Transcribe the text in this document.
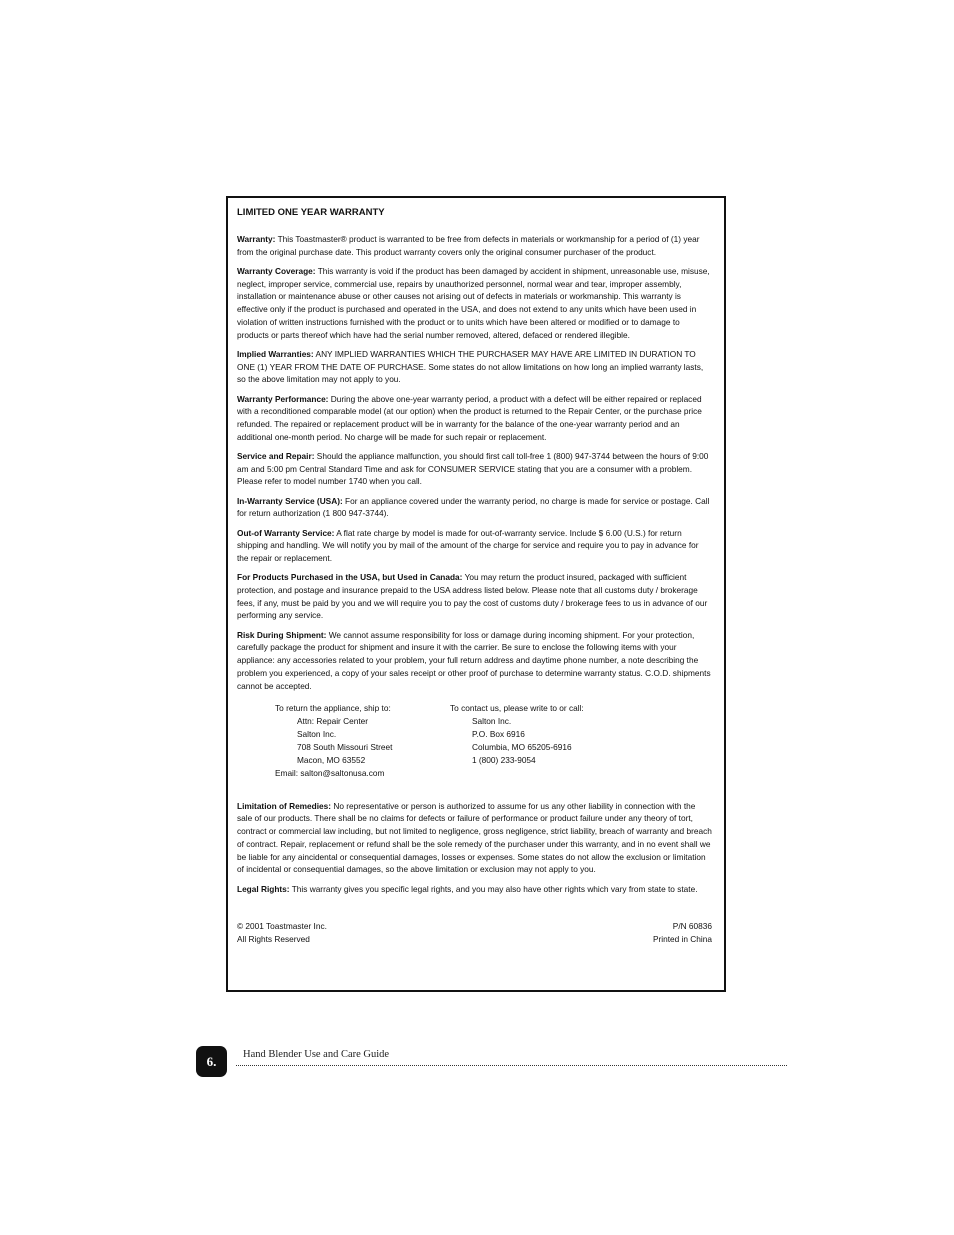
LIMITED ONE YEAR WARRANTY

Warranty: This Toastmaster® product is warranted to be free from defects in materials or workmanship for a period of (1) year from the original purchase date. This product warranty covers only the original consumer purchaser of the product.

Warranty Coverage: This warranty is void if the product has been damaged by accident in shipment, unreasonable use, misuse, neglect, improper service, commercial use, repairs by unauthorized personnel, normal wear and tear, improper assembly, installation or maintenance abuse or other causes not arising out of defects in materials or workmanship. This warranty is effective only if the product is purchased and operated in the USA, and does not extend to any units which have been used in violation of written instructions furnished with the product or to units which have been altered or modified or to damage to products or parts thereof which have had the serial number removed, altered, defaced or rendered illegible.

Implied Warranties: ANY IMPLIED WARRANTIES WHICH THE PURCHASER MAY HAVE ARE LIMITED IN DURATION TO ONE (1) YEAR FROM THE DATE OF PURCHASE. Some states do not allow limitations on how long an implied warranty lasts, so the above limitation may not apply to you.

Warranty Performance: During the above one-year warranty period, a product with a defect will be either repaired or replaced with a reconditioned comparable model (at our option) when the product is returned to the Repair Center, or the purchase price refunded. The repaired or replacement product will be in warranty for the balance of the one-year warranty period and an additional one-month period. No charge will be made for such repair or replacement.

Service and Repair: Should the appliance malfunction, you should first call toll-free 1 (800) 947-3744 between the hours of 9:00 am and 5:00 pm Central Standard Time and ask for CONSUMER SERVICE stating that you are a consumer with a problem. Please refer to model number 1740 when you call.

In-Warranty Service (USA): For an appliance covered under the warranty period, no charge is made for service or postage. Call for return authorization (1 800 947-3744).

Out-of Warranty Service: A flat rate charge by model is made for out-of-warranty service. Include $ 6.00 (U.S.) for return shipping and handling. We will notify you by mail of the amount of the charge for service and require you to pay in advance for the repair or replacement.

For Products Purchased in the USA, but Used in Canada: You may return the product insured, packaged with sufficient protection, and postage and insurance prepaid to the USA address listed below. Please note that all customs duty / brokerage fees, if any, must be paid by you and we will require you to pay the cost of customs duty / brokerage fees to us in advance of our performing any service.

Risk During Shipment: We cannot assume responsibility for loss or damage during incoming shipment. For your protection, carefully package the product for shipment and insure it with the carrier. Be sure to enclose the following items with your appliance: any accessories related to your problem, your full return address and daytime phone number, a note describing the problem you experienced, a copy of your sales receipt or other proof of purchase to determine warranty status. C.O.D. shipments cannot be accepted.

To return the appliance, ship to:
Attn: Repair Center
Salton Inc.
708 South Missouri Street
Macon, MO 63552
Email: salton@saltonusa.com
To contact us, please write to or call:
Salton Inc.
P.O. Box 6916
Columbia, MO 65205-6916
1 (800) 233-9054

Limitation of Remedies: No representative or person is authorized to assume for us any other liability in connection with the sale of our products. There shall be no claims for defects or failure of performance or product failure under any theory of tort, contract or commercial law including, but not limited to negligence, gross negligence, strict liability, breach of warranty and breach of contract. Repair, replacement or refund shall be the sole remedy of the purchaser under this warranty, and in no event shall we be liable for any aincidental or consequential damages, losses or expenses. Some states do not allow the exclusion or limitation of incidental or consequential damages, so the above limitation or exclusion may not apply to you.

Legal Rights: This warranty gives you specific legal rights, and you may also have other rights which vary from state to state.

© 2001 Toastmaster Inc.
All Rights Reserved
P/N 60836
Printed in China
6.	Hand Blender Use and Care Guide
